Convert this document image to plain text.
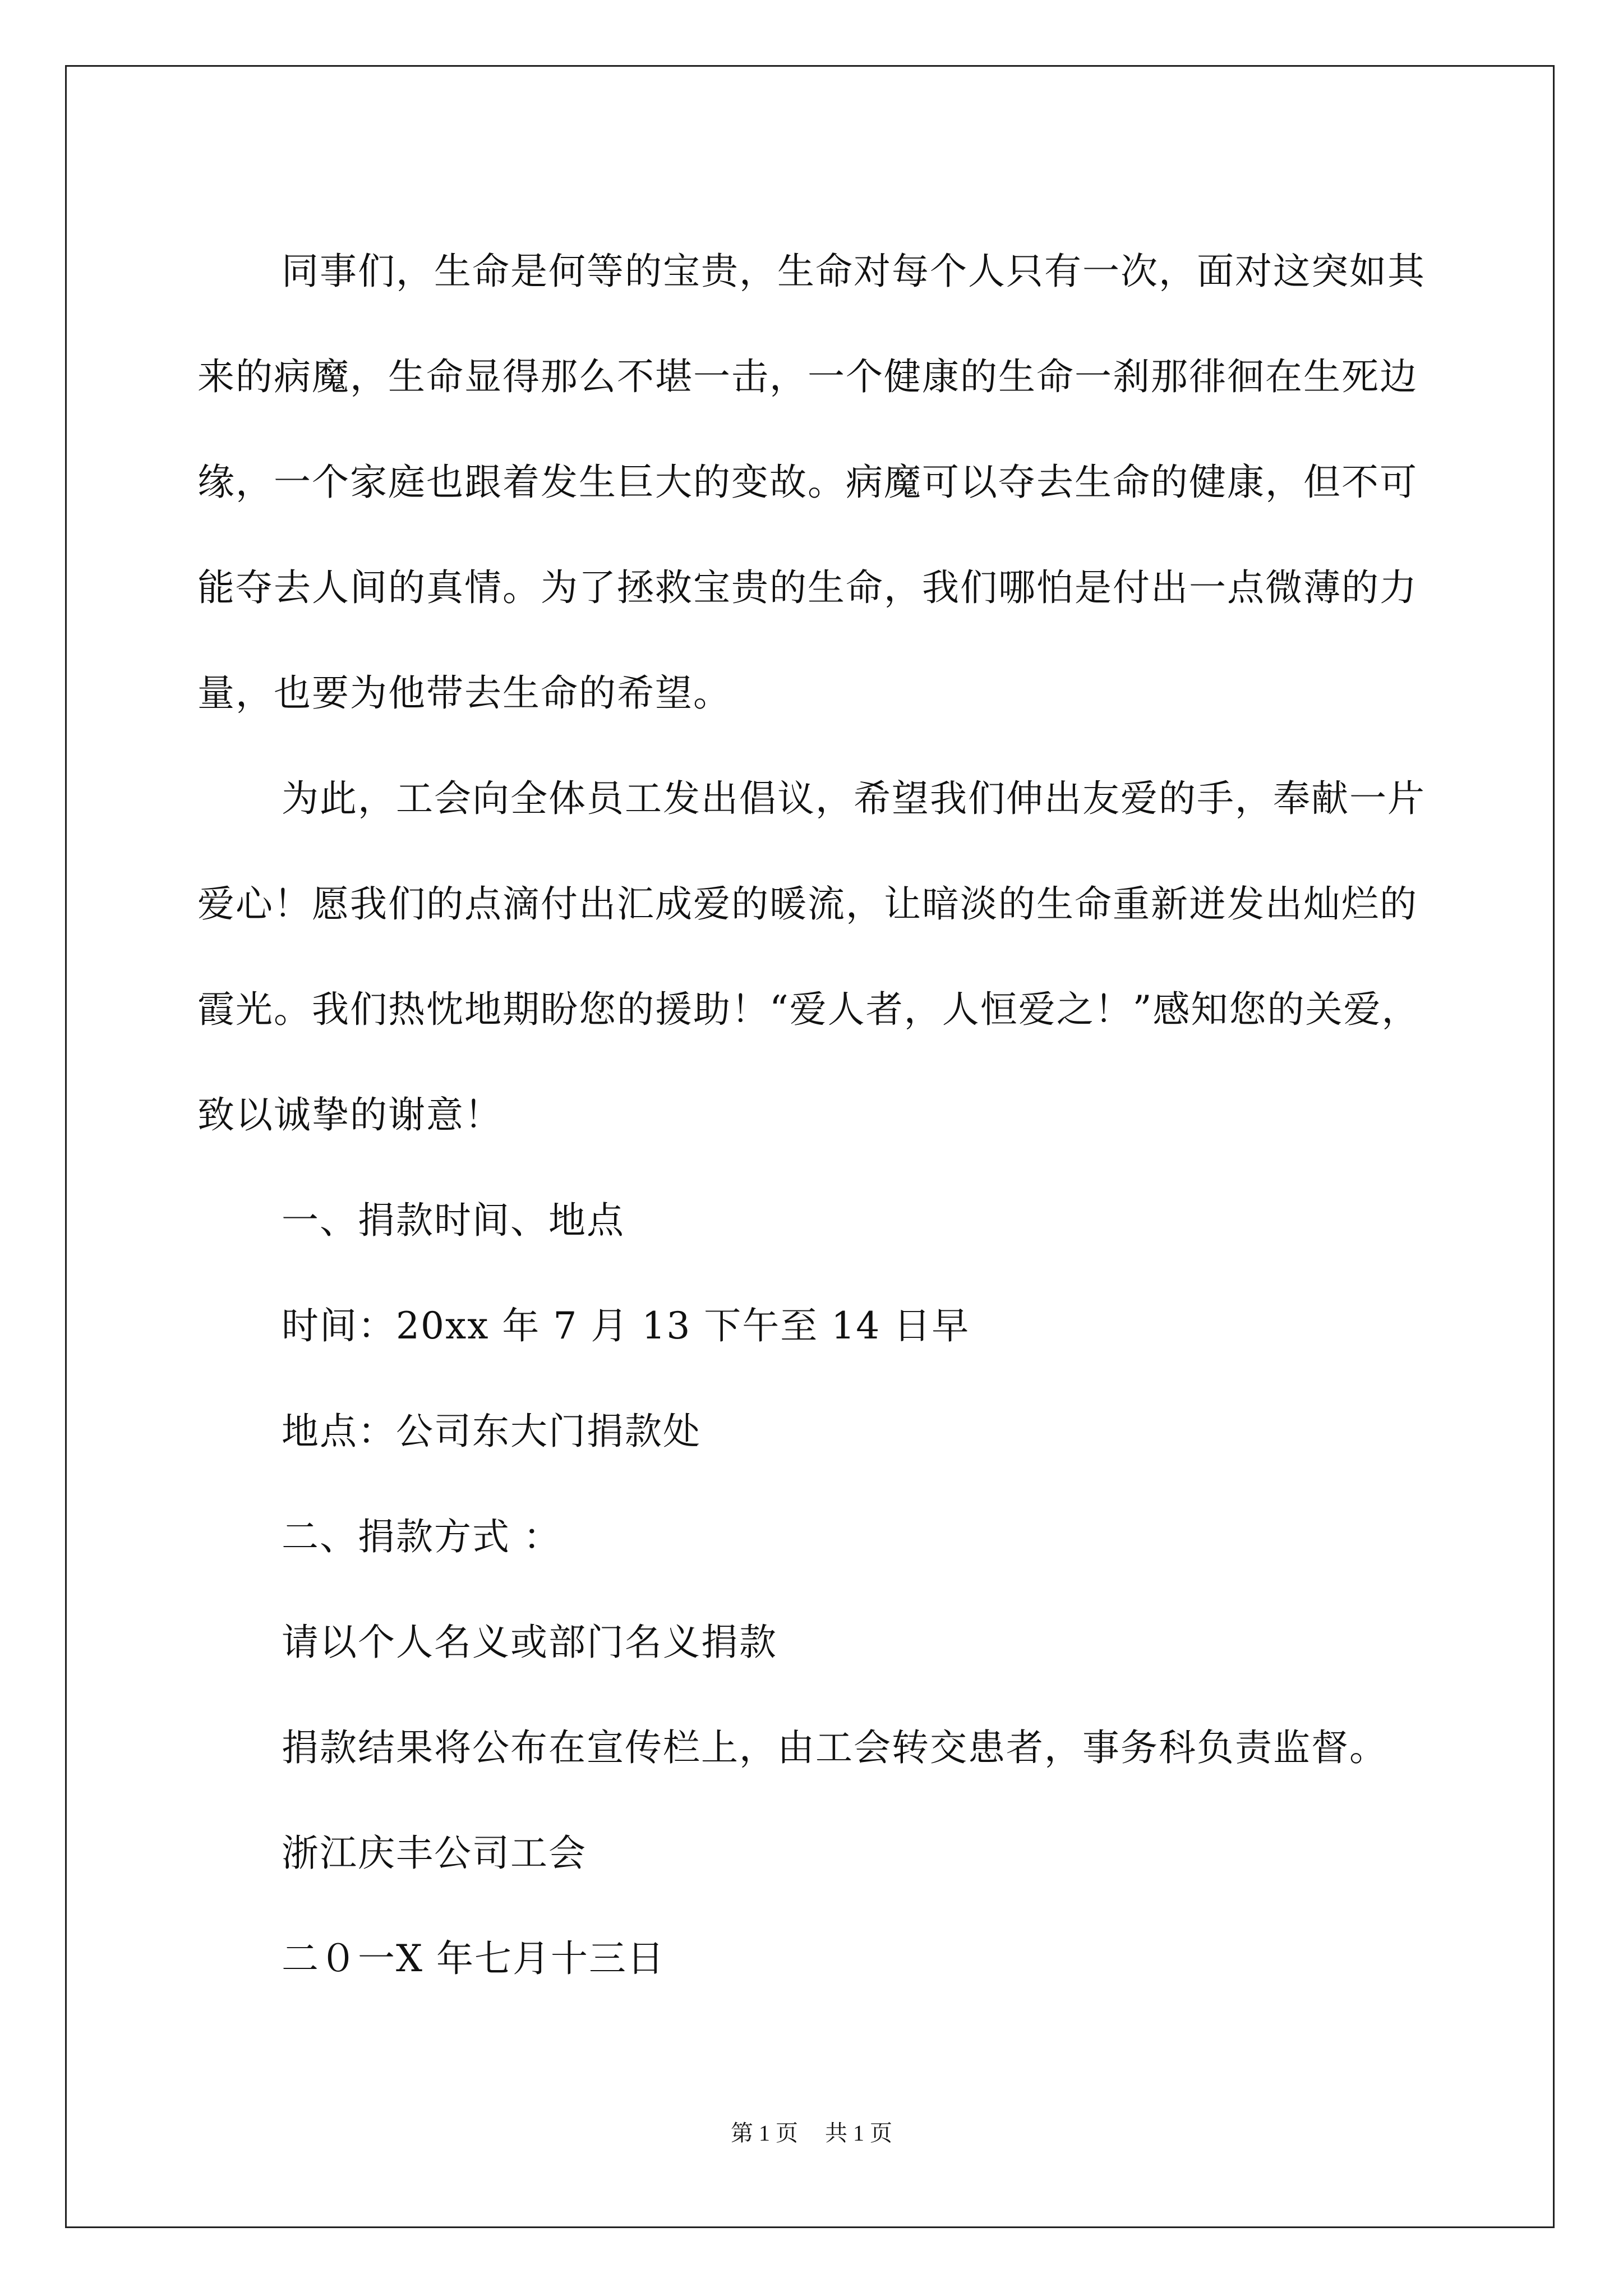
同事们，生命是何等的宝贵，生命对每个人只有一次，面对这突如其来的病魔，生命显得那么不堪一击，一个健康的生命一刹那徘徊在生死边缘，一个家庭也跟着发生巨大的变故。病魔可以夺去生命的健康，但不可能夺去人间的真情。为了拯救宝贵的生命，我们哪怕是付出一点微薄的力量，也要为他带去生命的希望。

为此，工会向全体员工发出倡议，希望我们伸出友爱的手，奉献一片爱心！愿我们的点滴付出汇成爱的暖流，让暗淡的生命重新迸发出灿烂的霞光。我们热忱地期盼您的援助！“爱人者，人恒爱之！”感知您的关爱，致以诚挚的谢意！

一、捐款时间、地点

时间：20xx 年 7 月 13 下午至 14 日早

地点：公司东大门捐款处

二、捐款方式 ：

请以个人名义或部门名义捐款

捐款结果将公布在宣传栏上，由工会转交患者，事务科负责监督。

浙江庆丰公司工会

二０一X 年七月十三日

第 1 页 共 1 页
